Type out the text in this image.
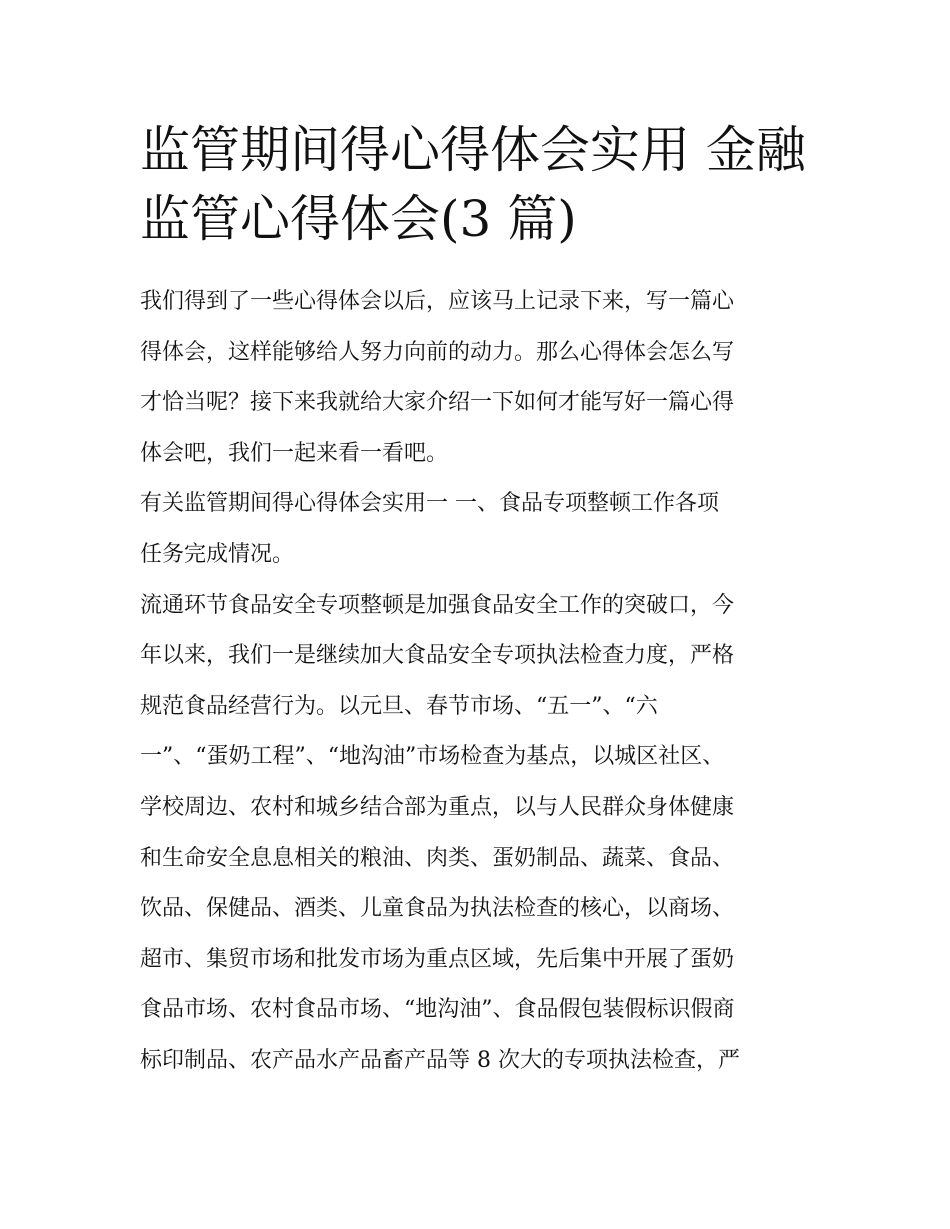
监管期间得心得体会实用 金融
监管心得体会(3 篇)

我们得到了一些心得体会以后，应该马上记录下来，写一篇心
得体会，这样能够给人努力向前的动力。那么心得体会怎么写
才恰当呢？接下来我就给大家介绍一下如何才能写好一篇心得
体会吧，我们一起来看一看吧。

有关监管期间得心得体会实用一 一、食品专项整顿工作各项
任务完成情况。

流通环节食品安全专项整顿是加强食品安全工作的突破口，今
年以来，我们一是继续加大食品安全专项执法检查力度，严格
规范食品经营行为。以元旦、春节市场、“五一”、“六
一”、“蛋奶工程”、“地沟油”市场检查为基点，以城区社区、
学校周边、农村和城乡结合部为重点，以与人民群众身体健康
和生命安全息息相关的粮油、肉类、蛋奶制品、蔬菜、食品、
饮品、保健品、酒类、儿童食品为执法检查的核心，以商场、
超市、集贸市场和批发市场为重点区域，先后集中开展了蛋奶
食品市场、农村食品市场、“地沟油”、食品假包装假标识假商
标印制品、农产品水产品畜产品等 8 次大的专项执法检查，严
